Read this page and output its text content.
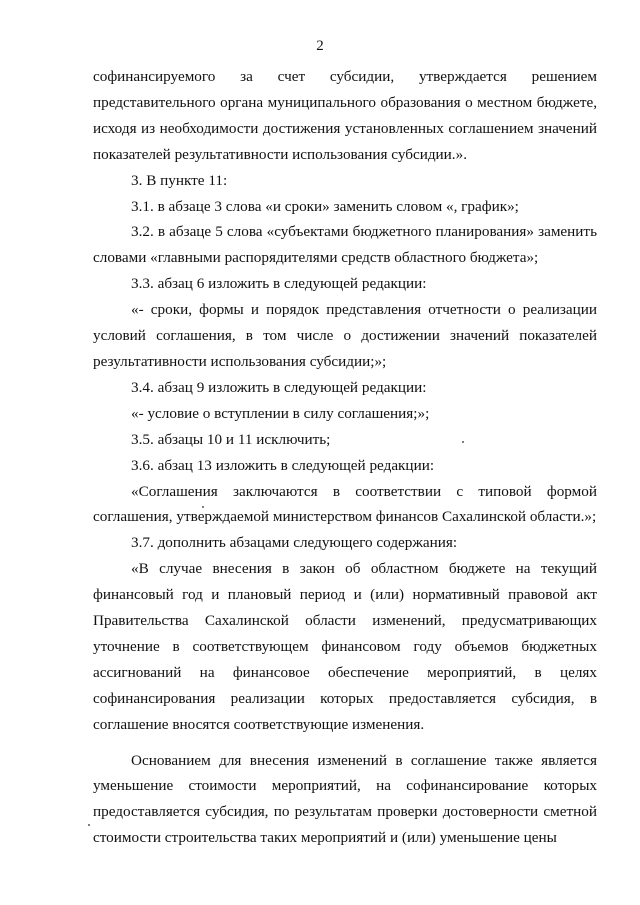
2

софинансируемого за счет субсидии, утверждается решением представительного органа муниципального образования о местном бюджете, исходя из необходимости достижения установленных соглашением значений показателей результативности использования субсидии.».

3. В пункте 11:

3.1. в абзаце 3 слова «и сроки» заменить словом «, график»;

3.2. в абзаце 5 слова «субъектами бюджетного планирования» заменить словами «главными распорядителями средств областного бюджета»;

3.3. абзац 6 изложить в следующей редакции:

«- сроки, формы и порядок представления отчетности о реализации условий соглашения, в том числе о достижении значений показателей результативности использования субсидии;»;

3.4. абзац 9 изложить в следующей редакции:

«- условие о вступлении в силу соглашения;»;

3.5. абзацы 10 и 11 исключить;

3.6. абзац 13 изложить в следующей редакции:

«Соглашения заключаются в соответствии с типовой формой соглашения, утверждаемой министерством финансов Сахалинской области.»;

3.7. дополнить абзацами следующего содержания:

«В случае внесения в закон об областном бюджете на текущий финансовый год и плановый период и (или) нормативный правовой акт Правительства Сахалинской области изменений, предусматривающих уточнение в соответствующем финансовом году объемов бюджетных ассигнований на финансовое обеспечение мероприятий, в целях софинансирования реализации которых предоставляется субсидия, в соглашение вносятся соответствующие изменения.

Основанием для внесения изменений в соглашение также является уменьшение стоимости мероприятий, на софинансирование которых предоставляется субсидия, по результатам проверки достоверности сметной стоимости строительства таких мероприятий и (или) уменьшение цены
